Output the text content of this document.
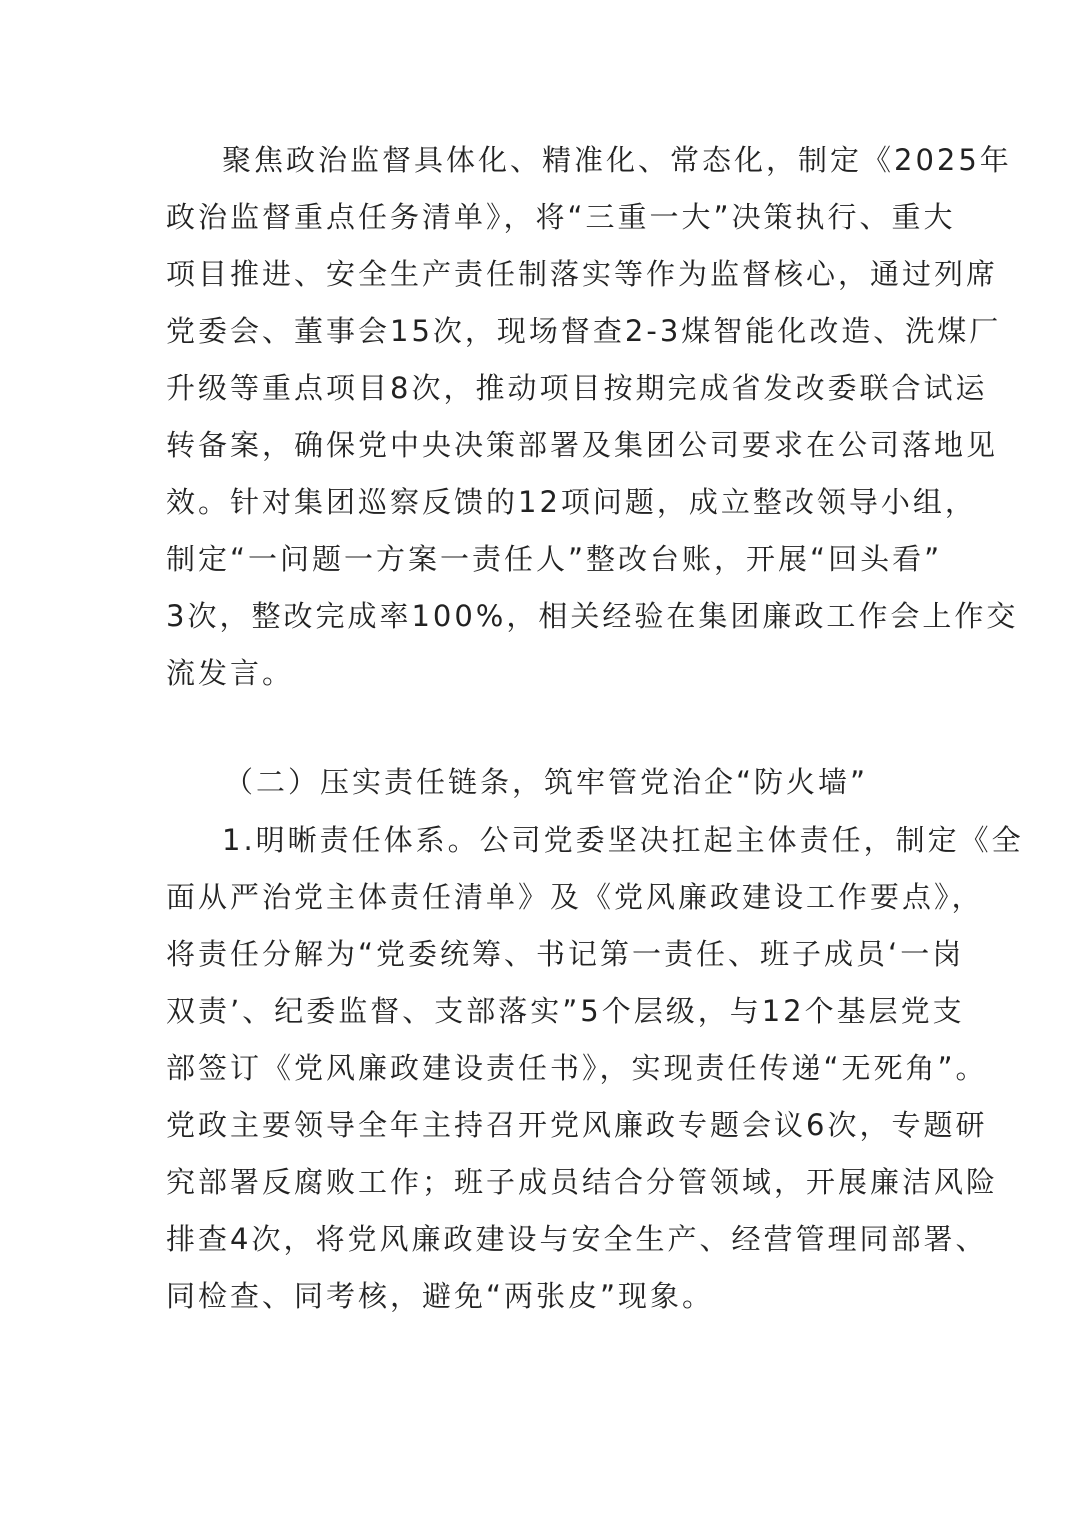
聚焦政治监督具体化、精准化、常态化，制定《2025年
政治监督重点任务清单》，将“三重一大”决策执行、重大
项目推进、安全生产责任制落实等作为监督核心，通过列席
党委会、董事会15次，现场督查2-3煤智能化改造、洗煤厂
升级等重点项目8次，推动项目按期完成省发改委联合试运
转备案，确保党中央决策部署及集团公司要求在公司落地见
效。针对集团巡察反馈的12项问题，成立整改领导小组，
制定“一问题一方案一责任人”整改台账，开展“回头看”
3次，整改完成率100%，相关经验在集团廉政工作会上作交
流发言。
（二）压实责任链条，筑牢管党治企“防火墙”
1.明晰责任体系。公司党委坚决扛起主体责任，制定《全
面从严治党主体责任清单》及《党风廉政建设工作要点》，
将责任分解为“党委统筹、书记第一责任、班子成员‘一岗
双责’、纪委监督、支部落实”5个层级，与12个基层党支
部签订《党风廉政建设责任书》，实现责任传递“无死角”。
党政主要领导全年主持召开党风廉政专题会议6次，专题研
究部署反腐败工作；班子成员结合分管领域，开展廉洁风险
排查4次，将党风廉政建设与安全生产、经营管理同部署、
同检查、同考核，避免“两张皮”现象。
